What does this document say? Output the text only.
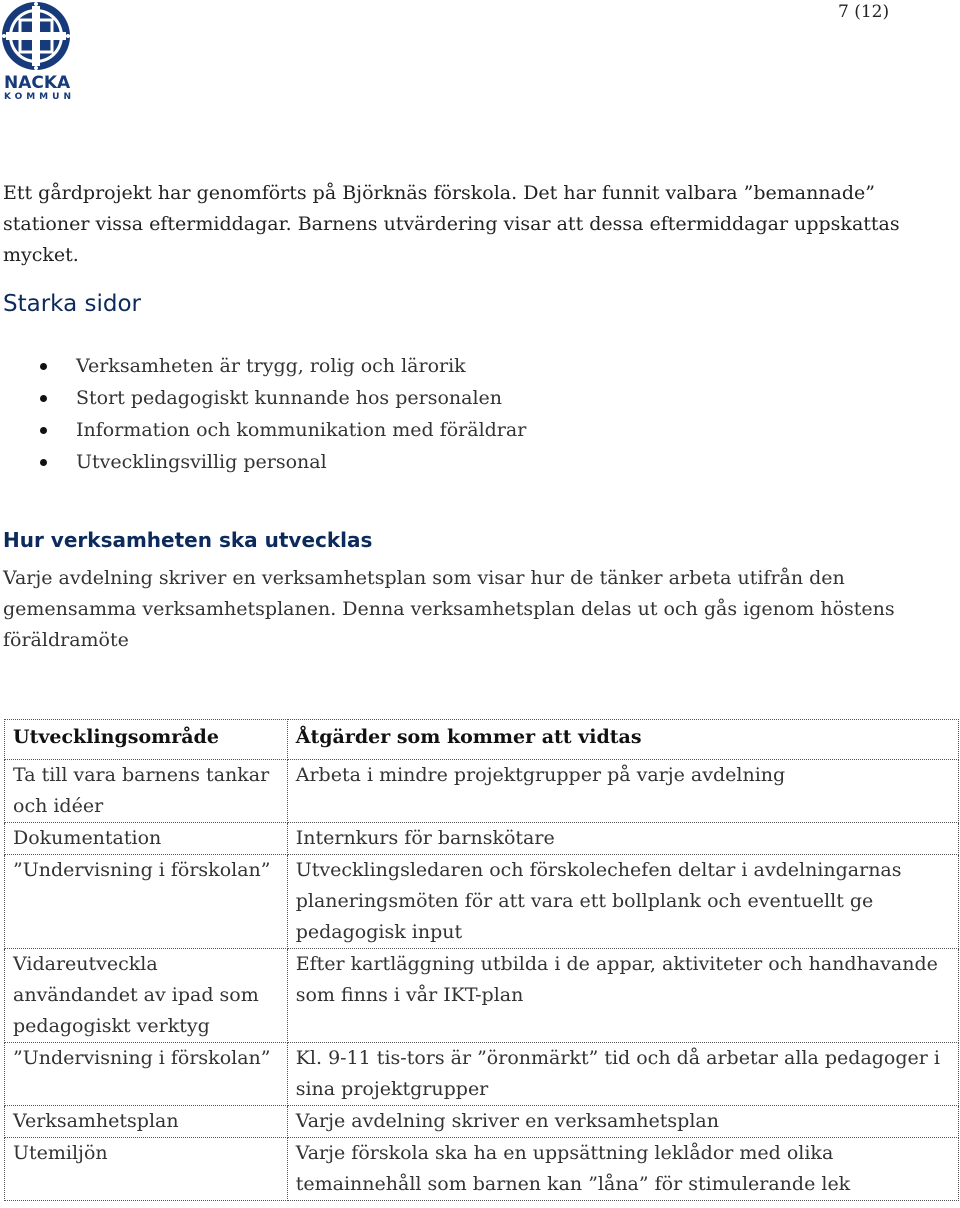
NACKA
KOMMUN
7 (12)

Ett gårdprojekt har genomförts på Björknäs förskola. Det har funnit valbara ”bemannade” stationer vissa eftermiddagar. Barnens utvärdering visar att dessa eftermiddagar uppskattas mycket.

Starka sidor
Verksamheten är trygg, rolig och lärorik
Stort pedagogiskt kunnande hos personalen
Information och kommunikation med föräldrar
Utvecklingsvillig personal
Hur verksamheten ska utvecklas

Varje avdelning skriver en verksamhetsplan som visar hur de tänker arbeta utifrån den gemensamma verksamhetsplanen. Denna verksamhetsplan delas ut och gås igenom höstens föräldramöte

Utvecklingsområde	Åtgärder som kommer att vidtas
Ta till vara barnens tankar och idéer	Arbeta i mindre projektgrupper på varje avdelning
Dokumentation	Internkurs för barnskötare
”Undervisning i förskolan”	Utvecklingsledaren och förskolechefen deltar i avdelningarnas planeringsmöten för att vara ett bollplank och eventuellt ge pedagogisk input
Vidareutveckla användandet av ipad som pedagogiskt verktyg	Efter kartläggning utbilda i de appar, aktiviteter och handhavande som finns i vår IKT-plan
”Undervisning i förskolan”	Kl. 9-11 tis-tors är ”öronmärkt” tid och då arbetar alla pedagoger i sina projektgrupper
Verksamhetsplan	Varje avdelning skriver en verksamhetsplan
Utemiljön	Varje förskola ska ha en uppsättning leklådor med olika temainnehåll som barnen kan ”låna” för stimulerande lek
